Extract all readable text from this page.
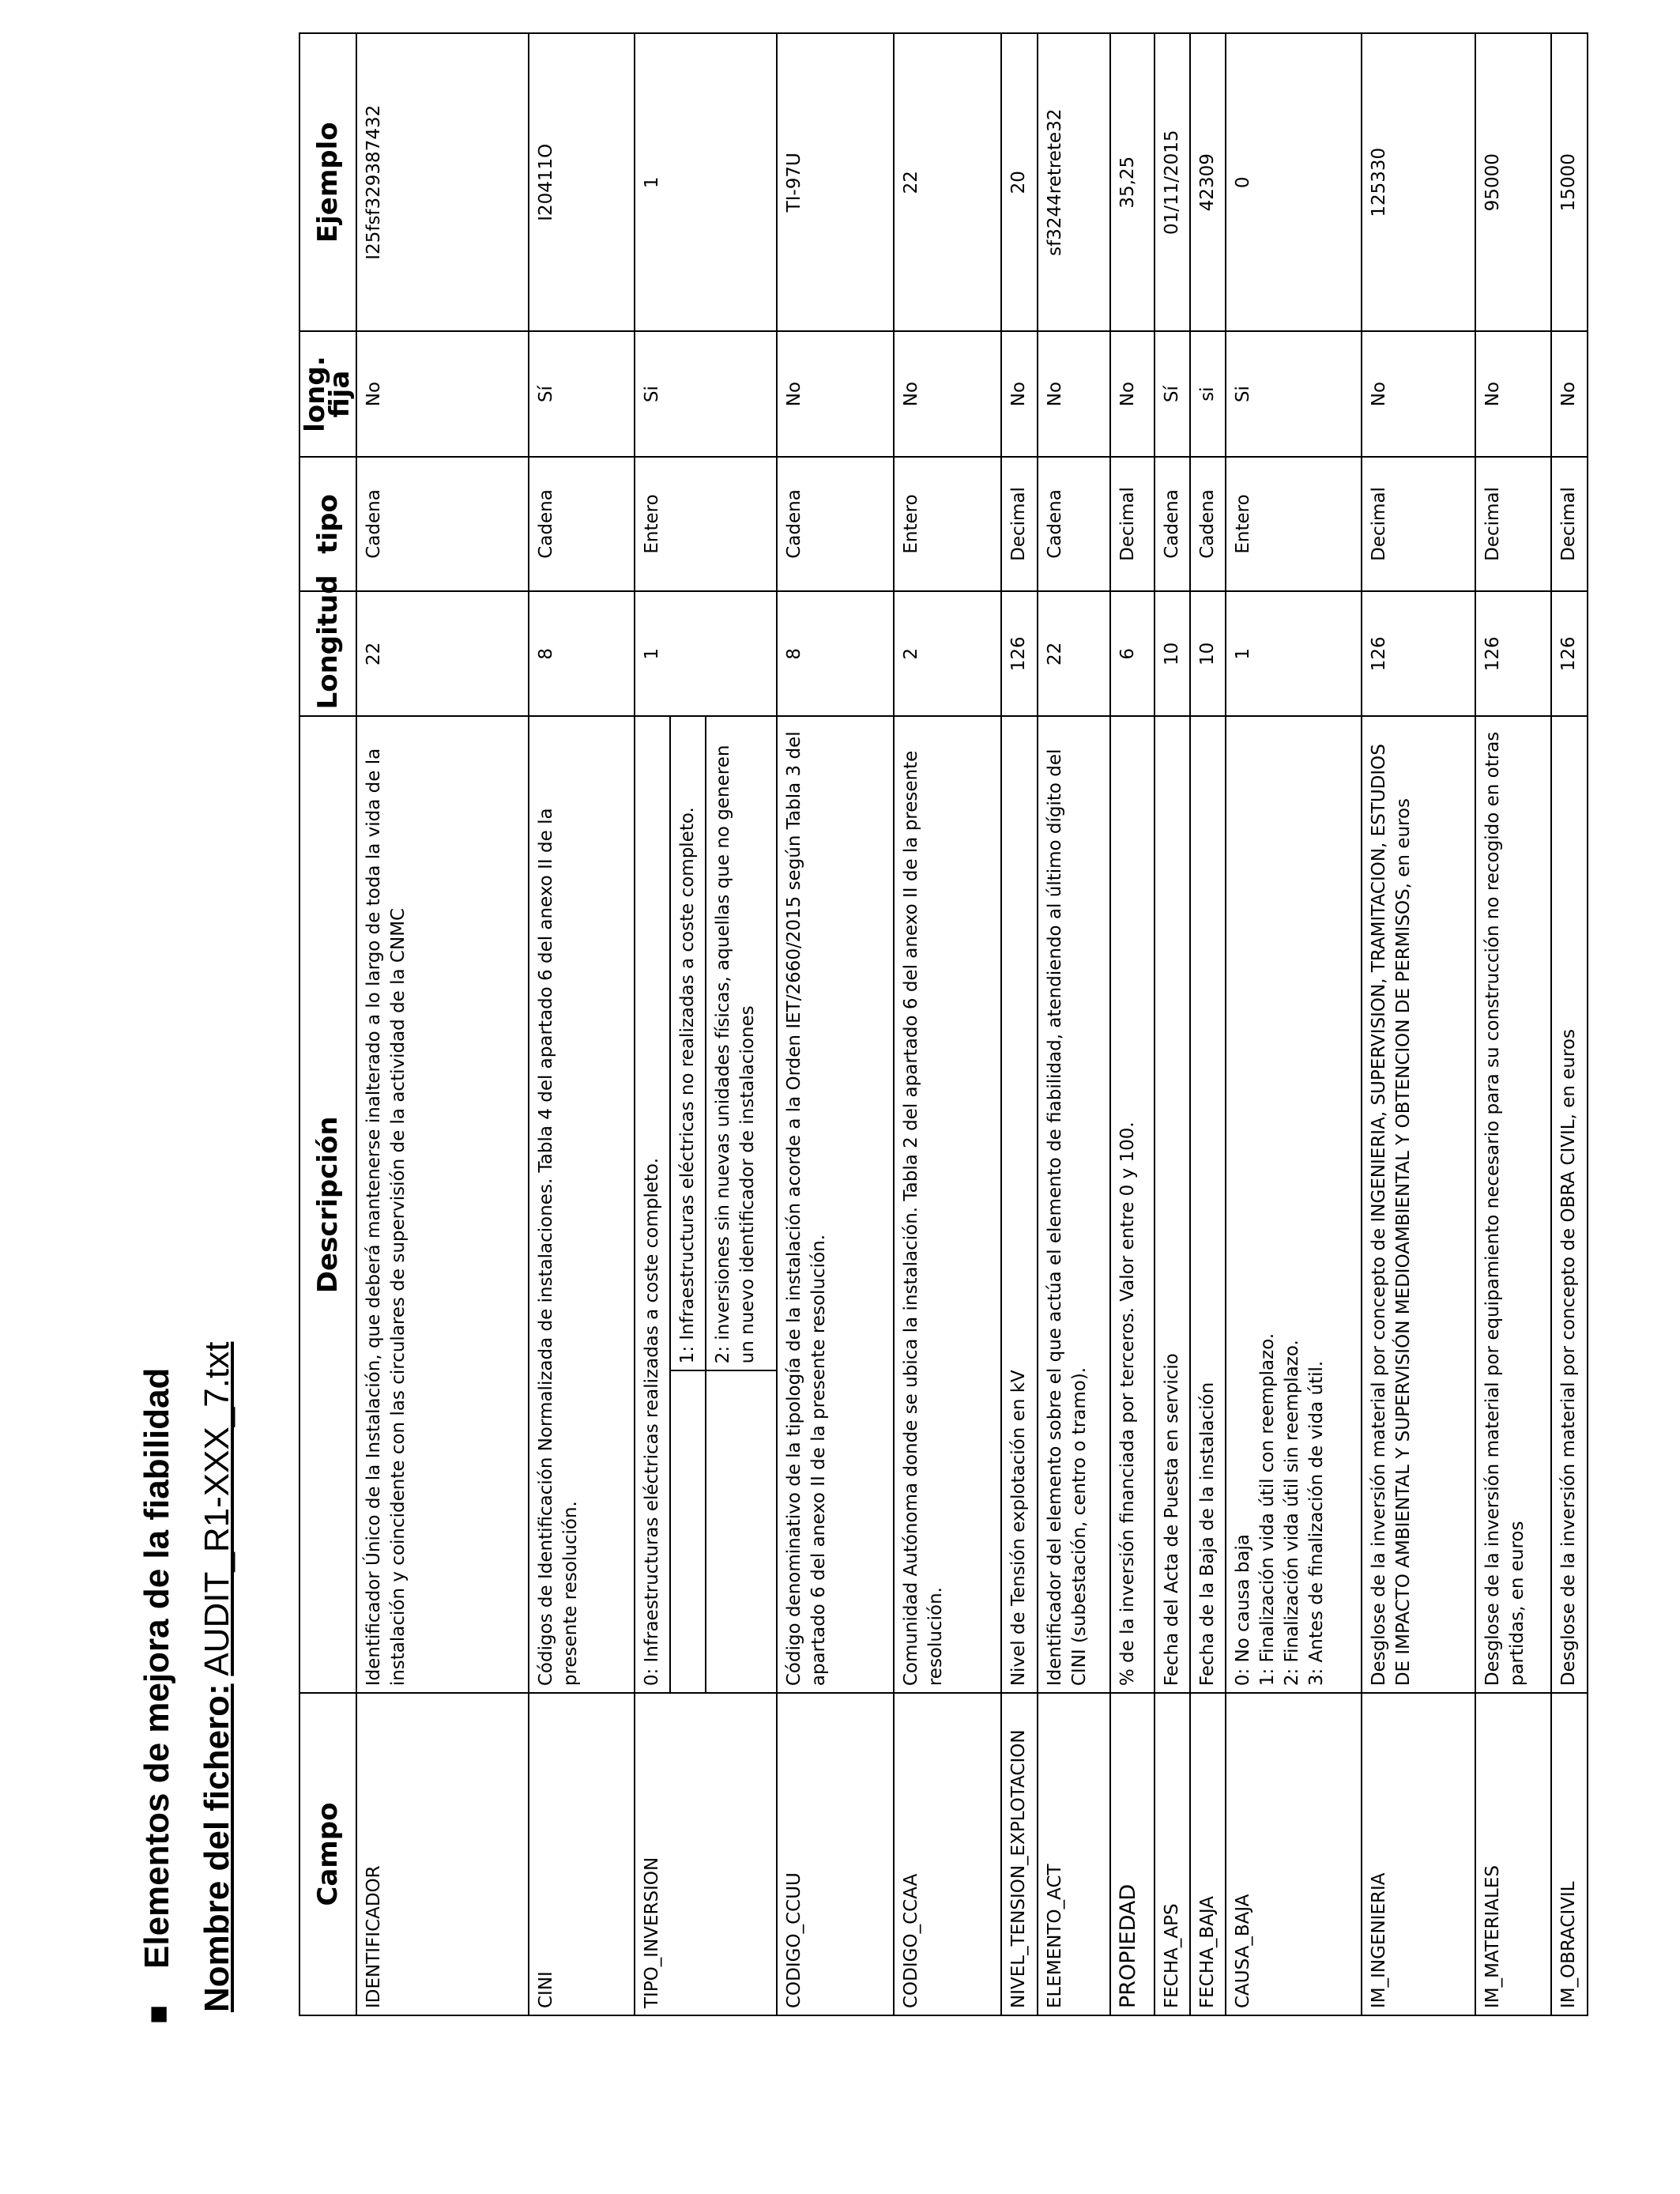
■Elementos de mejora de la fiabilidad Nombre del fichero: AUDIT_R1-XXX_7.txt
Campo	Descripción		Longitud	tipo	long. fija	Ejemplo
IDENTIFICADOR	Identificador Único de la Instalación, que deberá mantenerse inalterado a lo largo de toda la vida de la instalación y coincidente con las circulares de supervisión de la actividad de la CNMC		22	Cadena	No	I25fsf329387432
CINI	Códigos de Identificación Normalizada de instalaciones. Tabla 4 del apartado 6 del anexo II de la presente resolución.		8	Cadena	Sí	I20411O
TIPO_INVERSION	0: Infraestructuras eléctricas realizadas a coste completo.		1	Entero	Si	1
		1: Infraestructuras eléctricas no realizadas a coste completo.				
		2: inversiones sin nuevas unidades físicas, aquellas que no generen un nuevo identificador de instalaciones				
CODIGO_CCUU	Código denominativo de la tipología de la instalación acorde a la Orden IET/2660/2015 según Tabla 3 del apartado 6 del anexo II de la presente resolución.		8	Cadena	No	TI-97U
CODIGO_CCAA	Comunidad Autónoma donde se ubica la instalación. Tabla 2 del apartado 6 del anexo II de la presente resolución.		2	Entero	No	22
NIVEL_TENSION_EXPLOTACION	Nivel de Tensión explotación en kV		126	Decimal	No	20
ELEMENTO_ACT	Identificador del elemento sobre el que actúa el elemento de fiabilidad, atendiendo al último dígito del CINI (subestación, centro o tramo).		22	Cadena	No	sf3244retrete32
PROPIEDAD	% de la inversión financiada por terceros. Valor entre 0 y 100.		6	Decimal	No	35,25
FECHA_APS	Fecha del Acta de Puesta en servicio		10	Cadena	Sí	01/11/2015
FECHA_BAJA	Fecha de la Baja de la instalación		10	Cadena	si	42309
CAUSA_BAJA	0: No causa baja 1: Finalización vida útil con reemplazo. 2: Finalización vida útil sin reemplazo. 3: Antes de finalización de vida útil.		1	Entero	Si	0
IM_INGENIERIA	Desglose de la inversión material por concepto de INGENIERIA, SUPERVISION, TRAMITACION, ESTUDIOS DE IMPACTO AMBIENTAL Y SUPERVISIÓN MEDIOAMBIENTAL Y OBTENCION DE PERMISOS, en euros		126	Decimal	No	125330
IM_MATERIALES	Desglose de la inversión material por equipamiento necesario para su construcción no recogido en otras partidas, en euros		126	Decimal	No	95000
IM_OBRACIVIL	Desglose de la inversión material por concepto de OBRA CIVIL, en euros		126	Decimal	No	15000
